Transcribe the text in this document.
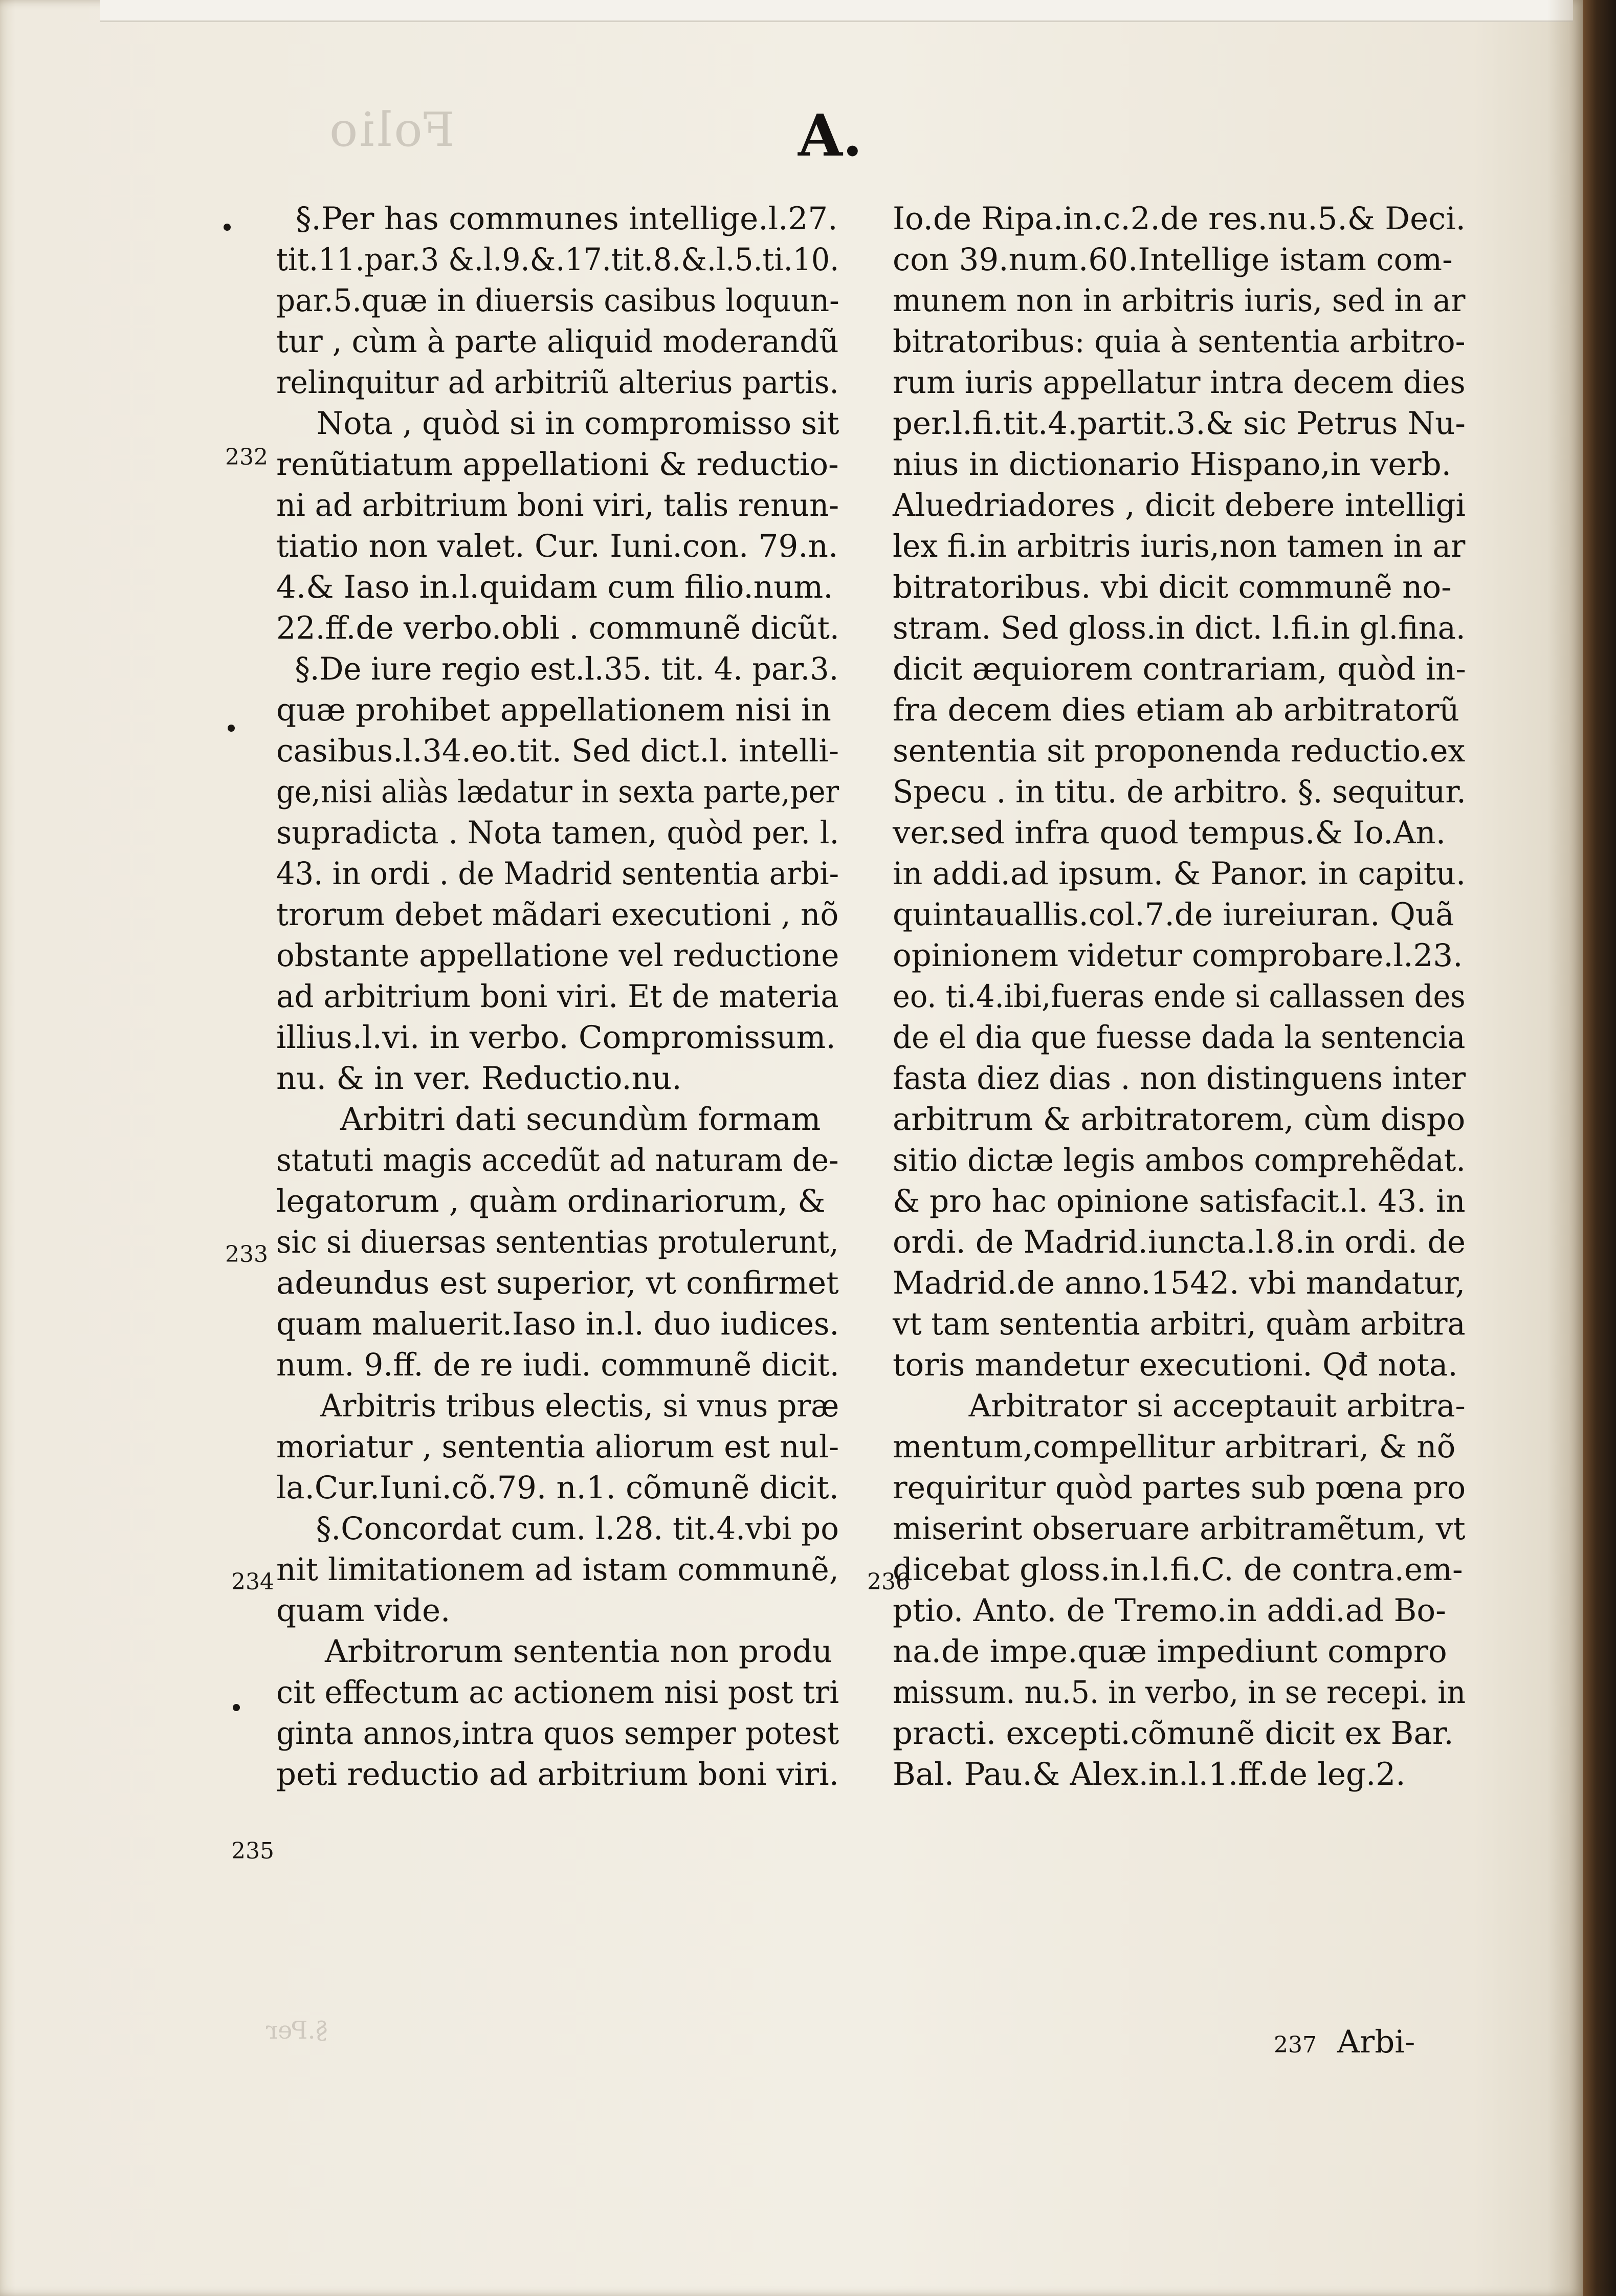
Folio
§.Per
A.
§.Per has communes intellige.l.27.
tit.11.par.3 &.l.9.&.17.tit.8.&.l.5.ti.10.
par.5.quæ in diuersis casibus loquun-
tur , cùm à parte aliquid moderandũ
relinquitur ad arbitriũ alterius partis.
Nota , quòd si in compromisso sit
renũtiatum appellationi & reductio-
ni ad arbitrium boni viri, talis renun-
tiatio non valet. Cur. Iuni.con. 79.n.
4.& Iaso in.l.quidam cum filio.num.
22.ff.de verbo.obli . communẽ dicũt.
§.De iure regio est.l.35. tit. 4. par.3.
quæ prohibet appellationem nisi in
casibus.l.34.eo.tit. Sed dict.l. intelli-
ge,nisi aliàs lædatur in sexta parte,per
supradicta . Nota tamen, quòd per. l.
43. in ordi . de Madrid sententia arbi-
trorum debet mãdari executioni , nõ
obstante appellatione vel reductione
ad arbitrium boni viri. Et de materia
illius.l.vi. in verbo. Compromissum.
nu. & in ver. Reductio.nu.
Arbitri dati secundùm formam
statuti magis accedũt ad naturam de-
legatorum , quàm ordinariorum, &
sic si diuersas sententias protulerunt,
adeundus est superior, vt confirmet
quam maluerit.Iaso in.l. duo iudices.
num. 9.ff. de re iudi. communẽ dicit.
Arbitris tribus electis, si vnus præ
moriatur , sententia aliorum est nul-
la.Cur.Iuni.cõ.79. n.1. cõmunẽ dicit.
§.Concordat cum. l.28. tit.4.vbi po
nit limitationem ad istam communẽ,
quam vide.
Arbitrorum sententia non produ
cit effectum ac actionem nisi post tri
ginta annos,intra quos semper potest
peti reductio ad arbitrium boni viri.
Io.de Ripa.in.c.2.de res.nu.5.& Deci.
con 39.num.60.Intellige istam com-
munem non in arbitris iuris, sed in ar
bitratoribus: quia à sententia arbitro-
rum iuris appellatur intra decem dies
per.l.fi.tit.4.partit.3.& sic Petrus Nu-
nius in dictionario Hispano,in verb.
Aluedriadores , dicit debere intelligi
lex fi.in arbitris iuris,non tamen in ar
bitratoribus. vbi dicit communẽ no-
stram. Sed gloss.in dict. l.fi.in gl.fina.
dicit æquiorem contrariam, quòd in-
fra decem dies etiam ab arbitratorũ
sententia sit proponenda reductio.ex
Specu . in titu. de arbitro. §. sequitur.
ver.sed infra quod tempus.& Io.An.
in addi.ad ipsum. & Panor. in capitu.
quintauallis.col.7.de iureiuran. Quã
opinionem videtur comprobare.l.23.
eo. ti.4.ibi,fueras ende si callassen des
de el dia que fuesse dada la sentencia
fasta diez dias . non distinguens inter
arbitrum & arbitratorem, cùm dispo
sitio dictæ legis ambos comprehẽdat.
& pro hac opinione satisfacit.l. 43. in
ordi. de Madrid.iuncta.l.8.in ordi. de
Madrid.de anno.1542. vbi mandatur,
vt tam sententia arbitri, quàm arbitra
toris mandetur executioni. Qđ nota.
Arbitrator si acceptauit arbitra-
mentum,compellitur arbitrari, & nõ
requiritur quòd partes sub pœna pro
miserint obseruare arbitramẽtum, vt
dicebat gloss.in.l.fi.C. de contra.em-
ptio. Anto. de Tremo.in addi.ad Bo-
na.de impe.quæ impediunt compro
missum. nu.5. in verbo, in se recepi. in
practi. excepti.cõmunẽ dicit ex Bar.
Bal. Pau.& Alex.in.l.1.ff.de leg.2.
232
233
234
235
236
237 Arbi-
